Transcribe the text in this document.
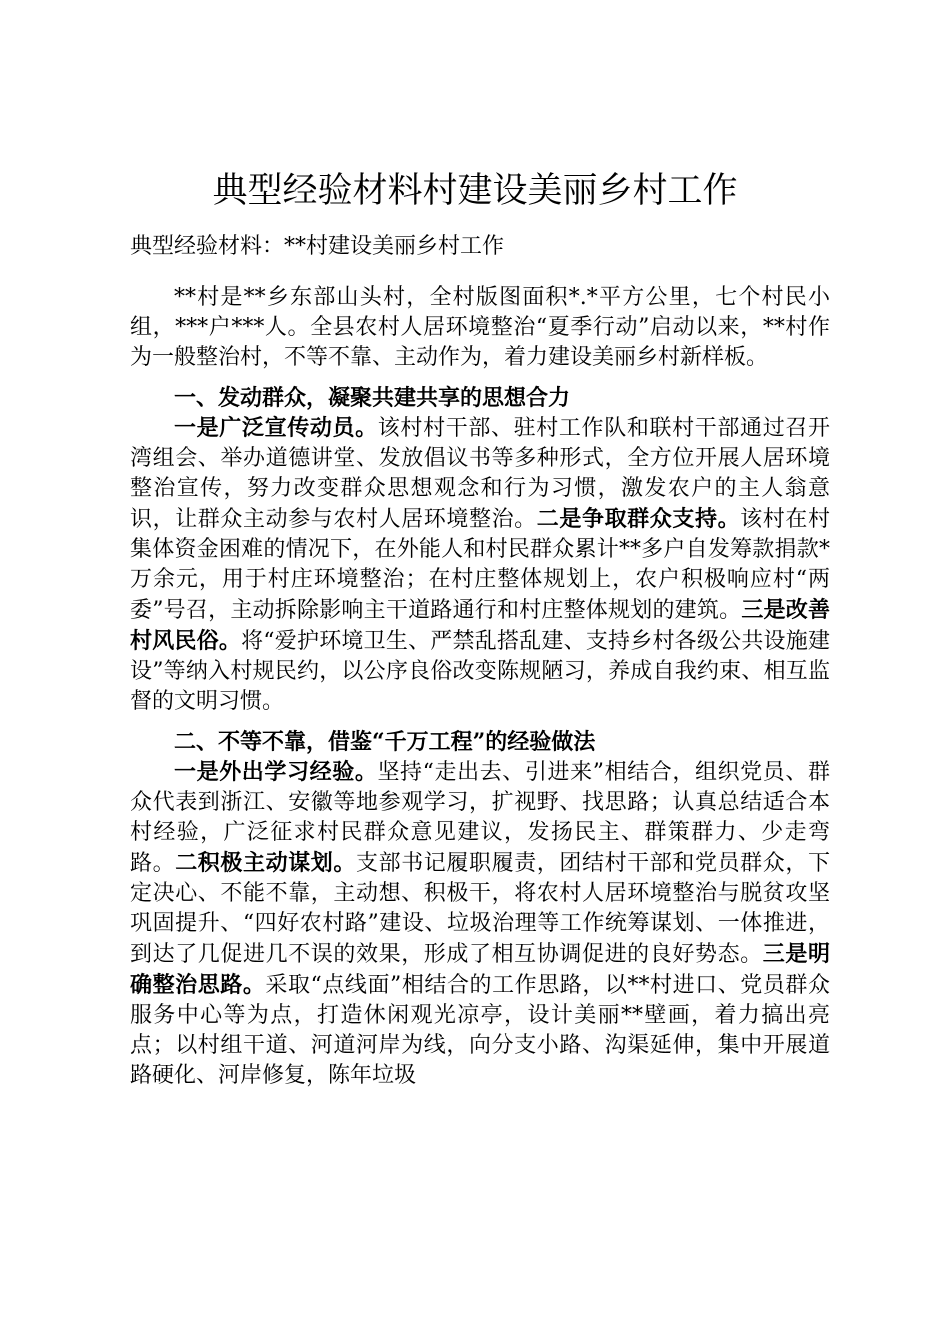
典型经验材料村建设美丽乡村工作

典型经验材料：**村建设美丽乡村工作

**村是**乡东部山头村，全村版图面积*.*平方公里，七个村民小组，***户***人。全县农村人居环境整治“夏季行动”启动以来，**村作为一般整治村，不等不靠、主动作为，着力建设美丽乡村新样板。

一、发动群众，凝聚共建共享的思想合力

一是广泛宣传动员。该村村干部、驻村工作队和联村干部通过召开湾组会、举办道德讲堂、发放倡议书等多种形式，全方位开展人居环境整治宣传，努力改变群众思想观念和行为习惯，激发农户的主人翁意识，让群众主动参与农村人居环境整治。二是争取群众支持。该村在村集体资金困难的情况下，在外能人和村民群众累计**多户自发筹款捐款*万余元，用于村庄环境整治；在村庄整体规划上，农户积极响应村“两委”号召，主动拆除影响主干道路通行和村庄整体规划的建筑。三是改善村风民俗。将“爱护环境卫生、严禁乱搭乱建、支持乡村各级公共设施建设”等纳入村规民约，以公序良俗改变陈规陋习，养成自我约束、相互监督的文明习惯。

二、不等不靠，借鉴“千万工程”的经验做法

一是外出学习经验。坚持“走出去、引进来”相结合，组织党员、群众代表到浙江、安徽等地参观学习，扩视野、找思路；认真总结适合本村经验，广泛征求村民群众意见建议，发扬民主、群策群力、少走弯路。二积极主动谋划。支部书记履职履责，团结村干部和党员群众，下定决心、不能不靠，主动想、积极干，将农村人居环境整治与脱贫攻坚巩固提升、“四好农村路”建设、垃圾治理等工作统筹谋划、一体推进，到达了几促进几不误的效果，形成了相互协调促进的良好势态。三是明确整治思路。采取“点线面”相结合的工作思路，以**村进口、党员群众服务中心等为点，打造休闲观光凉亭，设计美丽**壁画，着力搞出亮点；以村组干道、河道河岸为线，向分支小路、沟渠延伸，集中开展道路硬化、河岸修复，陈年垃圾
